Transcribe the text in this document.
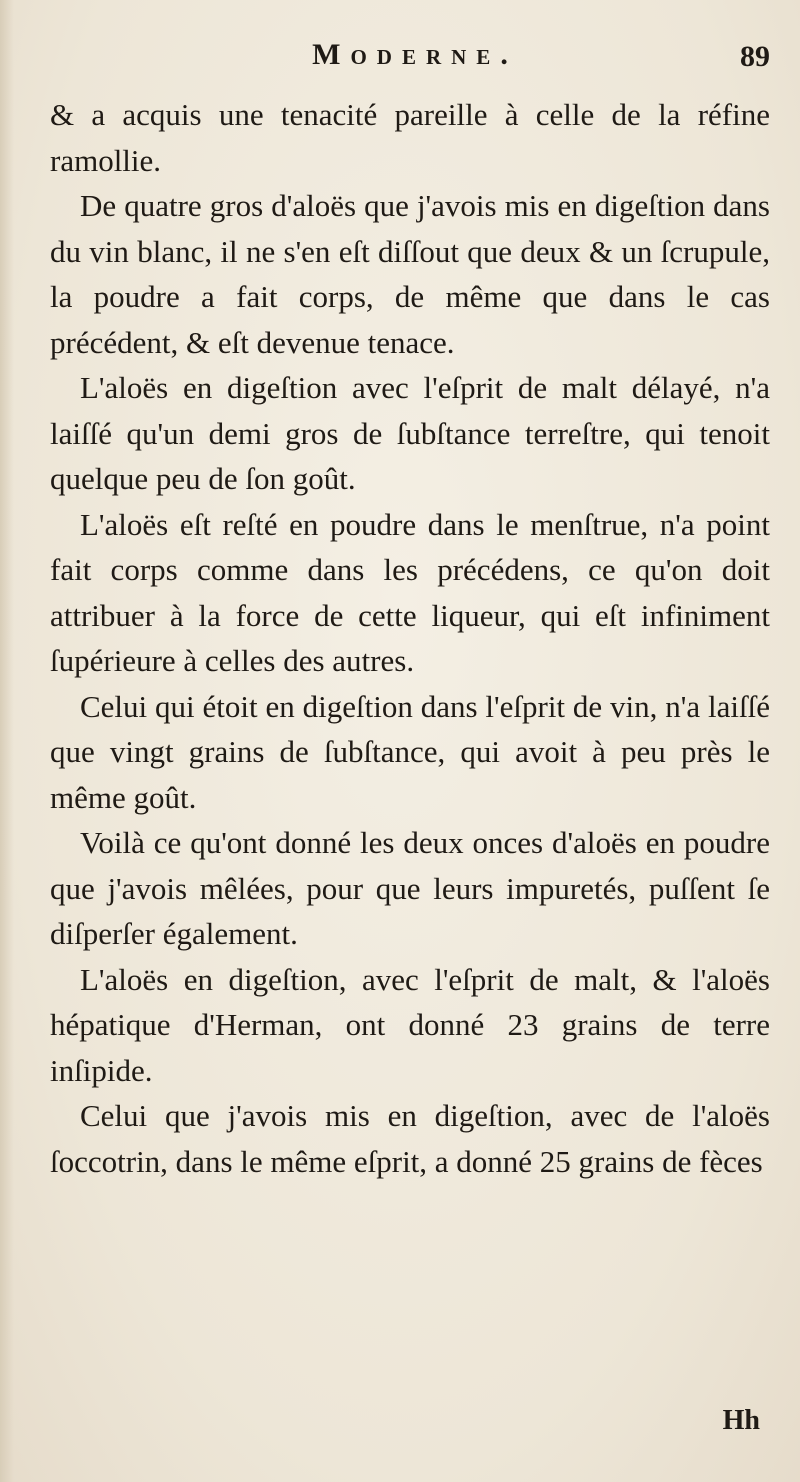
Moderne.	89

& a acquis une tenacité pareille à celle de la réfine ramollie.

De quatre gros d'aloës que j'avois mis en digeſtion dans du vin blanc, il ne s'en eſt diſſout que deux & un ſcrupule, la poudre a fait corps, de même que dans le cas précédent, & eſt devenue tenace.

L'aloës en digeſtion avec l'eſprit de malt délayé, n'a laiſſé qu'un demi gros de ſubſtance terreſtre, qui tenoit quelque peu de ſon goût.

L'aloës eſt reſté en poudre dans le menſtrue, n'a point fait corps comme dans les précédens, ce qu'on doit attribuer à la force de cette liqueur, qui eſt infiniment ſupérieure à celles des autres.

Celui qui étoit en digeſtion dans l'eſprit de vin, n'a laiſſé que vingt grains de ſubſtance, qui avoit à peu près le même goût.

Voilà ce qu'ont donné les deux onces d'aloës en poudre que j'avois mêlées, pour que leurs impuretés, puſſent ſe diſperſer également.

L'aloës en digeſtion, avec l'eſprit de malt, & l'aloës hépatique d'Herman, ont donné 23 grains de terre inſipide.

Celui que j'avois mis en digeſtion, avec de l'aloës ſoccotrin, dans le même eſprit, a donné 25 grains de fèces

Hh
